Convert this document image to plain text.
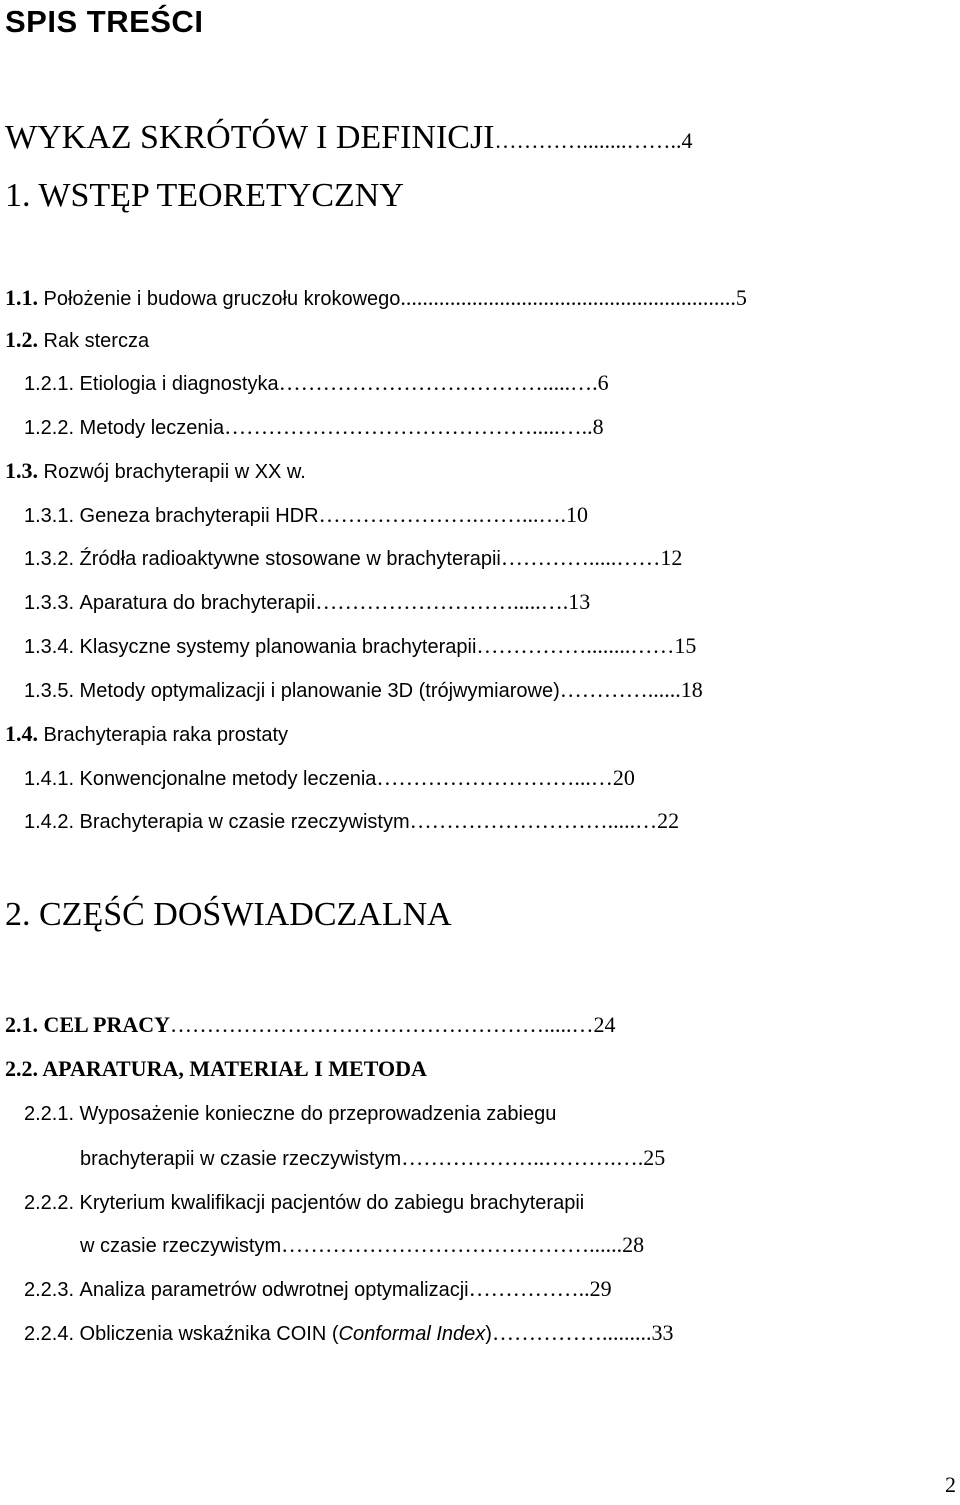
SPIS TREŚCI
WYKAZ SKRÓTÓW I DEFINICJI…………........……..4
1. WSTĘP TEORETYCZNY
1.1. Położenie i budowa gruczołu krokowego.............................................................5
1.2. Rak stercza
1.2.1. Etiologia i diagnostyka……………………………….....….6
1.2.2. Metody leczenia…………………………………….....…..8
1.3. Rozwój brachyterapii w XX w.
1.3.1. Geneza brachyterapii HDR………………….……...….10
1.3.2. Źródła radioaktywne stosowane w brachyterapii………….....……12
1.3.3. Aparatura do brachyterapii……………………….....….13
1.3.4. Klasyczne systemy planowania brachyterapii……………........……15
1.3.5. Metody optymalizacji i planowanie 3D (trójwymiarowe)…………......18
1.4. Brachyterapia raka prostaty
1.4.1. Konwencjonalne metody leczenia………………………...…20
1.4.2. Brachyterapia w czasie rzeczywistym……………………….....…22
2. CZĘŚĆ DOŚWIADCZALNA
2.1. CEL PRACY…………………………………………….....…24
2.2. APARATURA, MATERIAŁ I METODA
2.2.1. Wyposażenie konieczne do przeprowadzenia zabiegu
brachyterapii w czasie rzeczywistym………………..……….….25
2.2.2. Kryterium kwalifikacji pacjentów do zabiegu brachyterapii
w czasie rzeczywistym……………………………………......28
2.2.3. Analiza parametrów odwrotnej optymalizacji……………..29
2.2.4. Obliczenia wskaźnika COIN (Conformal Index)…………….........33
2
